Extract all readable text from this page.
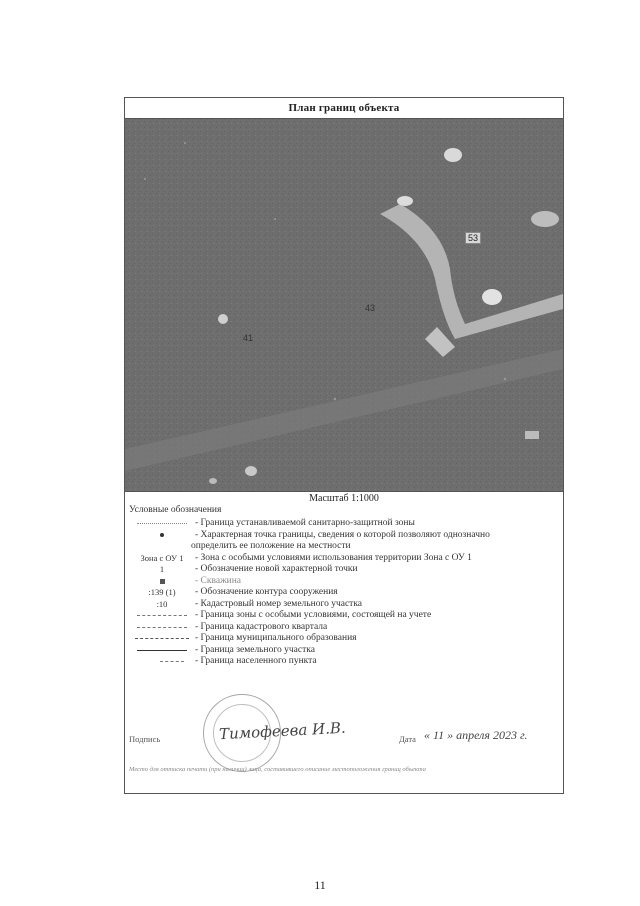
План границ объекта
53
43
41
Масштаб 1:1000
Условные обозначения
- Граница устанавливаемой санитарно-защитной зоны
- Характерная точка границы, сведения о которой позволяют однозначно
определить ее положение на местности
Зона с ОУ 1	- Зона с особыми условиями использования территории Зона с ОУ 1
1	- Обозначение новой характерной точки
- Скважина
:139 (1)	- Обозначение контура сооружения
:10	- Кадастровый номер земельного участка
- Граница зоны с особыми условиями, состоящей на учете
- Граница кадастрового квартала
- Граница муниципального образования
- Граница земельного участка
- Граница населенного пункта
Подпись	Тимофеева И.В.	Дата « 11 » апреля 2023 г.
Место для оттиска печати (при наличии) лица, составившего описание местоположения границ объекта
11
